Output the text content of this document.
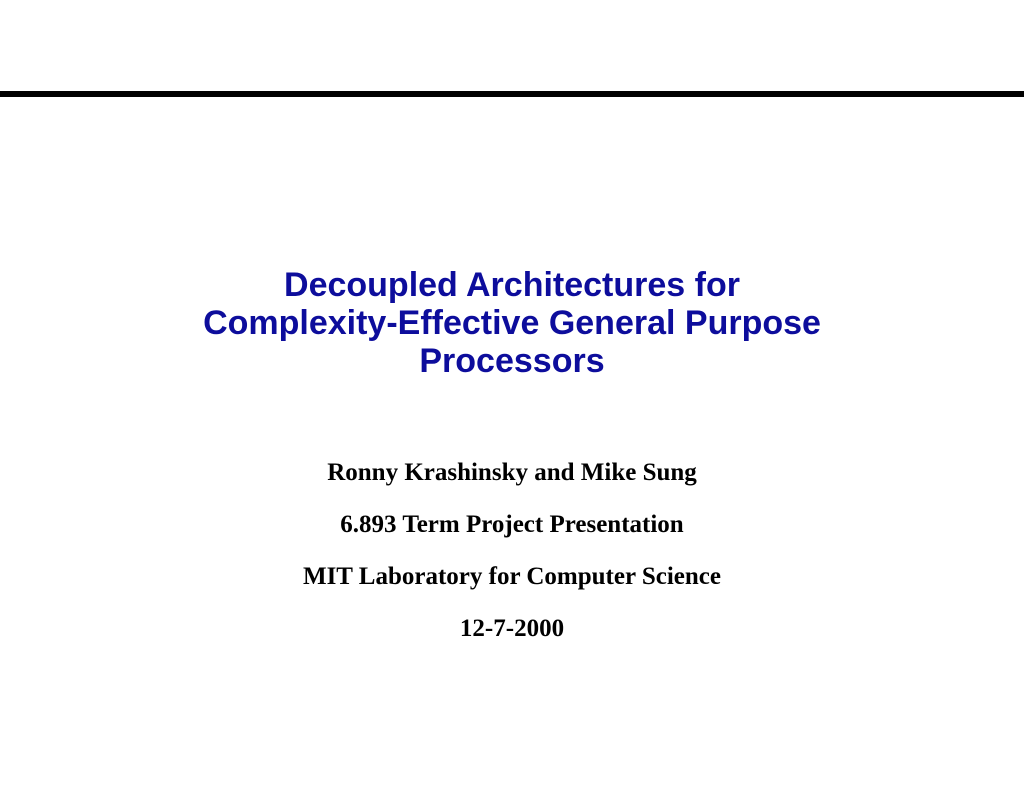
Decoupled Architectures for
Complexity-Effective General Purpose
Processors
Ronny Krashinsky and Mike Sung
6.893 Term Project Presentation
MIT Laboratory for Computer Science
12-7-2000
